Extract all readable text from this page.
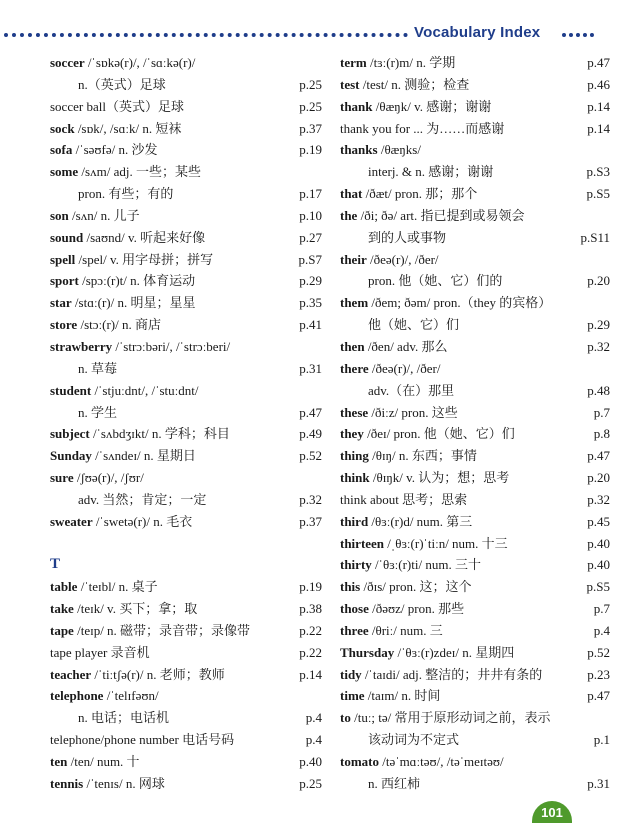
Vocabulary Index
soccer /ˈsɒkə(r)/, /ˈsɑːkə(r)/
n.（英式）足球	p.25
soccer ball（英式）足球	p.25
sock /sɒk/, /sɑːk/ n. 短袜	p.37
sofa /ˈsəʊfə/ n. 沙发	p.19
some /sʌm/ adj. 一些；某些
pron. 有些；有的	p.17
son /sʌn/ n. 儿子	p.10
sound /saʊnd/ v. 听起来好像	p.27
spell /spel/ v. 用字母拼；拼写	p.S7
sport /spɔː(r)t/ n. 体育运动	p.29
star /stɑː(r)/ n. 明星；星星	p.35
store /stɔː(r)/ n. 商店	p.41
strawberry /ˈstrɔːbəri/, /ˈstrɔːberi/
n. 草莓	p.31
student /ˈstjuːdnt/, /ˈstuːdnt/
n. 学生	p.47
subject /ˈsʌbdʒɪkt/ n. 学科；科目	p.49
Sunday /ˈsʌndeɪ/ n. 星期日	p.52
sure /ʃʊə(r)/, /ʃʊr/
adv. 当然；肯定；一定	p.32
sweater /ˈswetə(r)/ n. 毛衣	p.37
T
table /ˈteɪbl/ n. 桌子	p.19
take /teɪk/ v. 买下；拿；取	p.38
tape /teɪp/ n. 磁带；录音带；录像带	p.22
tape player 录音机	p.22
teacher /ˈtiːtʃə(r)/ n. 老师；教师	p.14
telephone /ˈtelɪfəʊn/
n. 电话；电话机	p.4
telephone/phone number 电话号码	p.4
ten /ten/ num. 十	p.40
tennis /ˈtenɪs/ n. 网球	p.25
term /tɜː(r)m/ n. 学期	p.47
test /test/ n. 测验；检查	p.46
thank /θæŋk/ v. 感谢；谢谢	p.14
thank you for ... 为……而感谢	p.14
thanks /θæŋks/
interj. & n. 感谢；谢谢	p.S3
that /ðæt/ pron. 那；那个	p.S5
the /ði; ðə/ art. 指已提到或易领会
到的人或事物	p.S11
their /ðeə(r)/, /ðer/
pron. 他（她、它）们的	p.20
them /ðem; ðəm/ pron.（they 的宾格）
他（她、它）们	p.29
then /ðen/ adv. 那么	p.32
there /ðeə(r)/, /ðer/
adv.（在）那里	p.48
these /ðiːz/ pron. 这些	p.7
they /ðeɪ/ pron. 他（她、它）们	p.8
thing /θɪŋ/ n. 东西；事情	p.47
think /θɪŋk/ v. 认为；想；思考	p.20
think about 思考；思索	p.32
third /θɜː(r)d/ num. 第三	p.45
thirteen /ˌθɜː(r)ˈtiːn/ num. 十三	p.40
thirty /ˈθɜː(r)ti/ num. 三十	p.40
this /ðɪs/ pron. 这；这个	p.S5
those /ðəʊz/ pron. 那些	p.7
three /θriː/ num. 三	p.4
Thursday /ˈθɜː(r)zdeɪ/ n. 星期四	p.52
tidy /ˈtaɪdi/ adj. 整洁的；井井有条的	p.23
time /taɪm/ n. 时间	p.47
to /tuː; tə/ 常用于原形动词之前，表示
该动词为不定式	p.1
tomato /təˈmɑːtəʊ/, /təˈmeɪtəʊ/
n. 西红柿	p.31
101
